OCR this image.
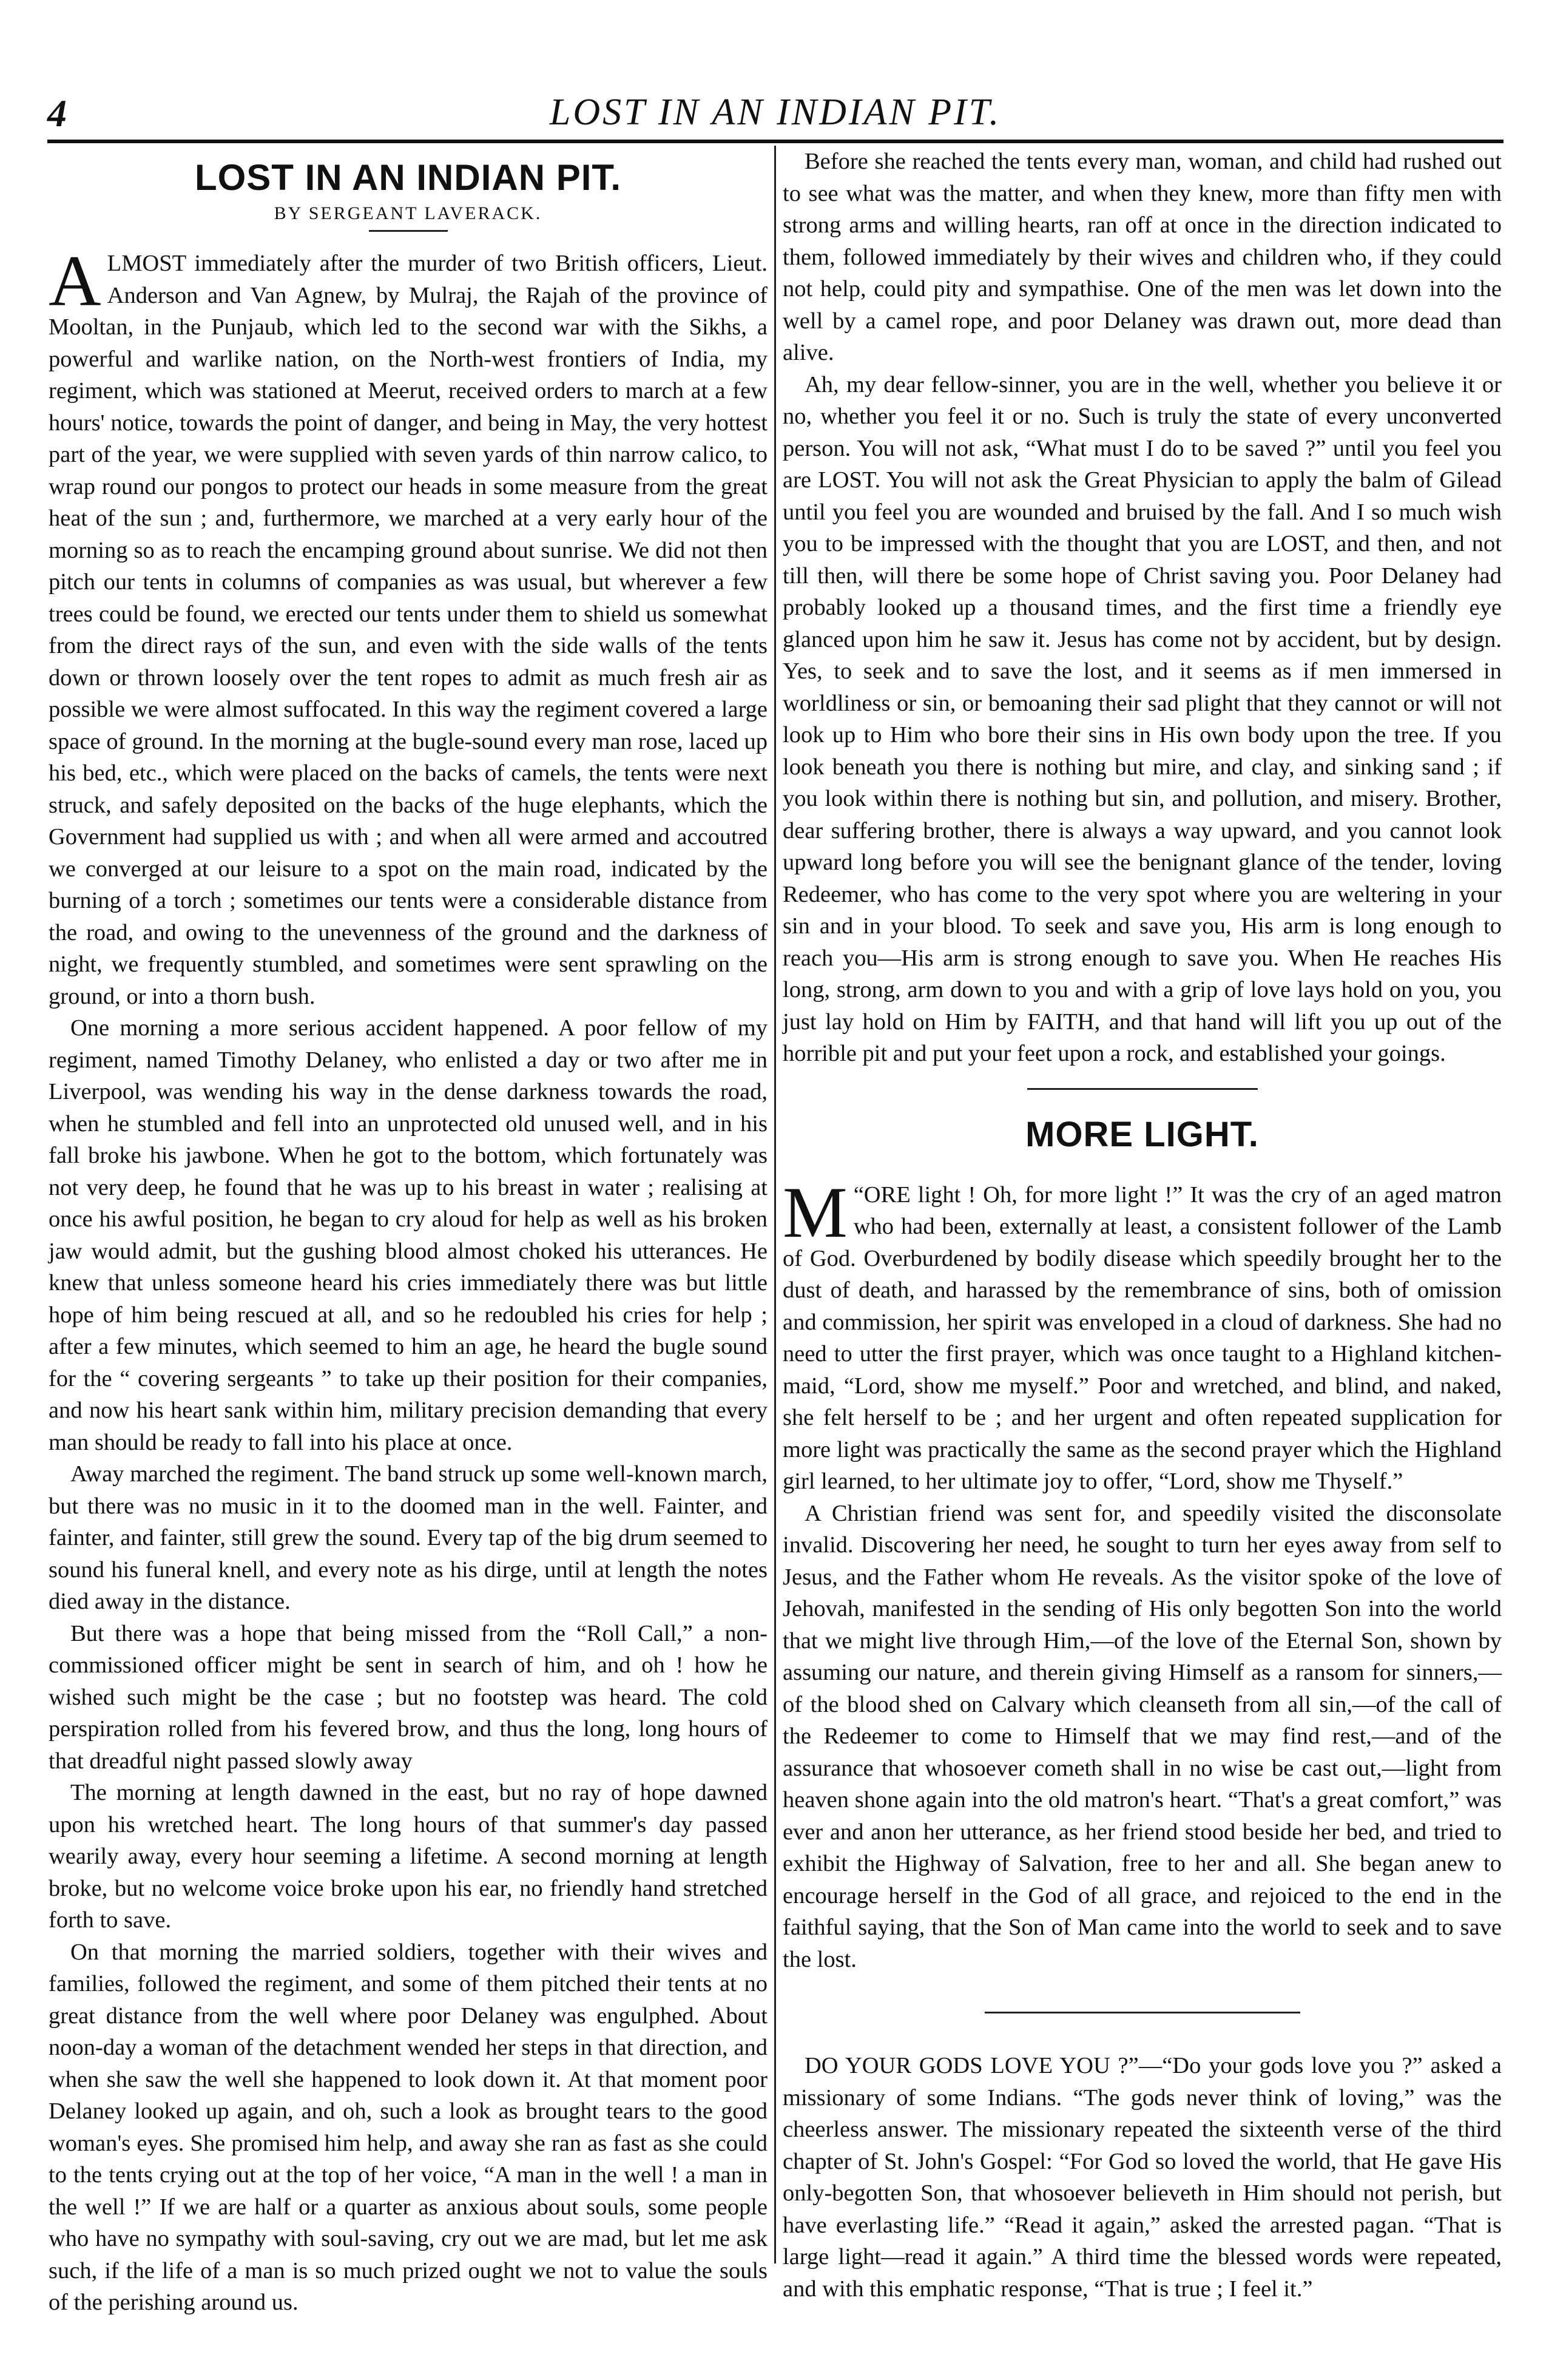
4	LOST IN AN INDIAN PIT.
LOST IN AN INDIAN PIT.
BY SERGEANT LAVERACK.

ALMOST immediately after the murder of two British officers, Lieut. Anderson and Van Agnew, by Mulraj, the Rajah of the province of Mooltan, in the Punjaub, which led to the second war with the Sikhs, a powerful and warlike nation, on the North-west frontiers of India, my regiment, which was stationed at Meerut, received orders to march at a few hours' notice, towards the point of danger, and being in May, the very hottest part of the year, we were supplied with seven yards of thin narrow calico, to wrap round our pongos to protect our heads in some measure from the great heat of the sun ; and, furthermore, we marched at a very early hour of the morning so as to reach the encamping ground about sunrise. We did not then pitch our tents in columns of companies as was usual, but wherever a few trees could be found, we erected our tents under them to shield us somewhat from the direct rays of the sun, and even with the side walls of the tents down or thrown loosely over the tent ropes to admit as much fresh air as possible we were almost suffocated. In this way the regiment covered a large space of ground. In the morning at the bugle-sound every man rose, laced up his bed, etc., which were placed on the backs of camels, the tents were next struck, and safely deposited on the backs of the huge elephants, which the Government had supplied us with ; and when all were armed and accoutred we converged at our leisure to a spot on the main road, indicated by the burning of a torch ; sometimes our tents were a considerable distance from the road, and owing to the unevenness of the ground and the darkness of night, we frequently stumbled, and sometimes were sent sprawling on the ground, or into a thorn bush.

One morning a more serious accident happened. A poor fellow of my regiment, named Timothy Delaney, who enlisted a day or two after me in Liverpool, was wending his way in the dense darkness towards the road, when he stumbled and fell into an unprotected old unused well, and in his fall broke his jawbone. When he got to the bottom, which fortunately was not very deep, he found that he was up to his breast in water ; realising at once his awful position, he began to cry aloud for help as well as his broken jaw would admit, but the gushing blood almost choked his utterances. He knew that unless someone heard his cries immediately there was but little hope of him being rescued at all, and so he redoubled his cries for help ; after a few minutes, which seemed to him an age, he heard the bugle sound for the “ covering sergeants ” to take up their position for their companies, and now his heart sank within him, military precision demanding that every man should be ready to fall into his place at once.

Away marched the regiment. The band struck up some well-known march, but there was no music in it to the doomed man in the well. Fainter, and fainter, and fainter, still grew the sound. Every tap of the big drum seemed to sound his funeral knell, and every note as his dirge, until at length the notes died away in the distance.

But there was a hope that being missed from the “Roll Call,” a non-commissioned officer might be sent in search of him, and oh ! how he wished such might be the case ; but no footstep was heard. The cold perspiration rolled from his fevered brow, and thus the long, long hours of that dreadful night passed slowly away

The morning at length dawned in the east, but no ray of hope dawned upon his wretched heart. The long hours of that summer's day passed wearily away, every hour seeming a lifetime. A second morning at length broke, but no welcome voice broke upon his ear, no friendly hand stretched forth to save.

On that morning the married soldiers, together with their wives and families, followed the regiment, and some of them pitched their tents at no great distance from the well where poor Delaney was engulphed. About noon-day a woman of the detachment wended her steps in that direction, and when she saw the well she happened to look down it. At that moment poor Delaney looked up again, and oh, such a look as brought tears to the good woman's eyes. She promised him help, and away she ran as fast as she could to the tents crying out at the top of her voice, “A man in the well ! a man in the well !” If we are half or a quarter as anxious about souls, some people who have no sympathy with soul-saving, cry out we are mad, but let me ask such, if the life of a man is so much prized ought we not to value the souls of the perishing around us.

Before she reached the tents every man, woman, and child had rushed out to see what was the matter, and when they knew, more than fifty men with strong arms and willing hearts, ran off at once in the direction indicated to them, followed immediately by their wives and children who, if they could not help, could pity and sympathise. One of the men was let down into the well by a camel rope, and poor Delaney was drawn out, more dead than alive.

Ah, my dear fellow-sinner, you are in the well, whether you believe it or no, whether you feel it or no. Such is truly the state of every unconverted person. You will not ask, “What must I do to be saved ?” until you feel you are LOST. You will not ask the Great Physician to apply the balm of Gilead until you feel you are wounded and bruised by the fall. And I so much wish you to be impressed with the thought that you are LOST, and then, and not till then, will there be some hope of Christ saving you. Poor Delaney had probably looked up a thousand times, and the first time a friendly eye glanced upon him he saw it. Jesus has come not by accident, but by design. Yes, to seek and to save the lost, and it seems as if men immersed in worldliness or sin, or bemoaning their sad plight that they cannot or will not look up to Him who bore their sins in His own body upon the tree. If you look beneath you there is nothing but mire, and clay, and sinking sand ; if you look within there is nothing but sin, and pollution, and misery. Brother, dear suffering brother, there is always a way upward, and you cannot look upward long before you will see the benignant glance of the tender, loving Redeemer, who has come to the very spot where you are weltering in your sin and in your blood. To seek and save you, His arm is long enough to reach you—His arm is strong enough to save you. When He reaches His long, strong, arm down to you and with a grip of love lays hold on you, you just lay hold on Him by FAITH, and that hand will lift you up out of the horrible pit and put your feet upon a rock, and established your goings.

MORE LIGHT.

M “ORE light ! Oh, for more light !” It was the cry of an aged matron who had been, externally at least, a consistent follower of the Lamb of God. Overburdened by bodily disease which speedily brought her to the dust of death, and harassed by the remembrance of sins, both of omission and commission, her spirit was enveloped in a cloud of darkness. She had no need to utter the first prayer, which was once taught to a Highland kitchen-maid, “Lord, show me myself.” Poor and wretched, and blind, and naked, she felt herself to be ; and her urgent and often repeated supplication for more light was practically the same as the second prayer which the Highland girl learned, to her ultimate joy to offer, “Lord, show me Thyself.”

A Christian friend was sent for, and speedily visited the disconsolate invalid. Discovering her need, he sought to turn her eyes away from self to Jesus, and the Father whom He reveals. As the visitor spoke of the love of Jehovah, manifested in the sending of His only begotten Son into the world that we might live through Him,—of the love of the Eternal Son, shown by assuming our nature, and therein giving Himself as a ransom for sinners,—of the blood shed on Calvary which cleanseth from all sin,—of the call of the Redeemer to come to Himself that we may find rest,—and of the assurance that whosoever cometh shall in no wise be cast out,—light from heaven shone again into the old matron's heart. “That's a great comfort,” was ever and anon her utterance, as her friend stood beside her bed, and tried to exhibit the Highway of Salvation, free to her and all. She began anew to encourage herself in the God of all grace, and rejoiced to the end in the faithful saying, that the Son of Man came into the world to seek and to save the lost.

DO YOUR GODS LOVE YOU ?”—“Do your gods love you ?” asked a missionary of some Indians. “The gods never think of loving,” was the cheerless answer. The missionary repeated the sixteenth verse of the third chapter of St. John's Gospel: “For God so loved the world, that He gave His only-begotten Son, that whosoever believeth in Him should not perish, but have everlasting life.” “Read it again,” asked the arrested pagan. “That is large light—read it again.” A third time the blessed words were repeated, and with this emphatic response, “That is true ; I feel it.”
